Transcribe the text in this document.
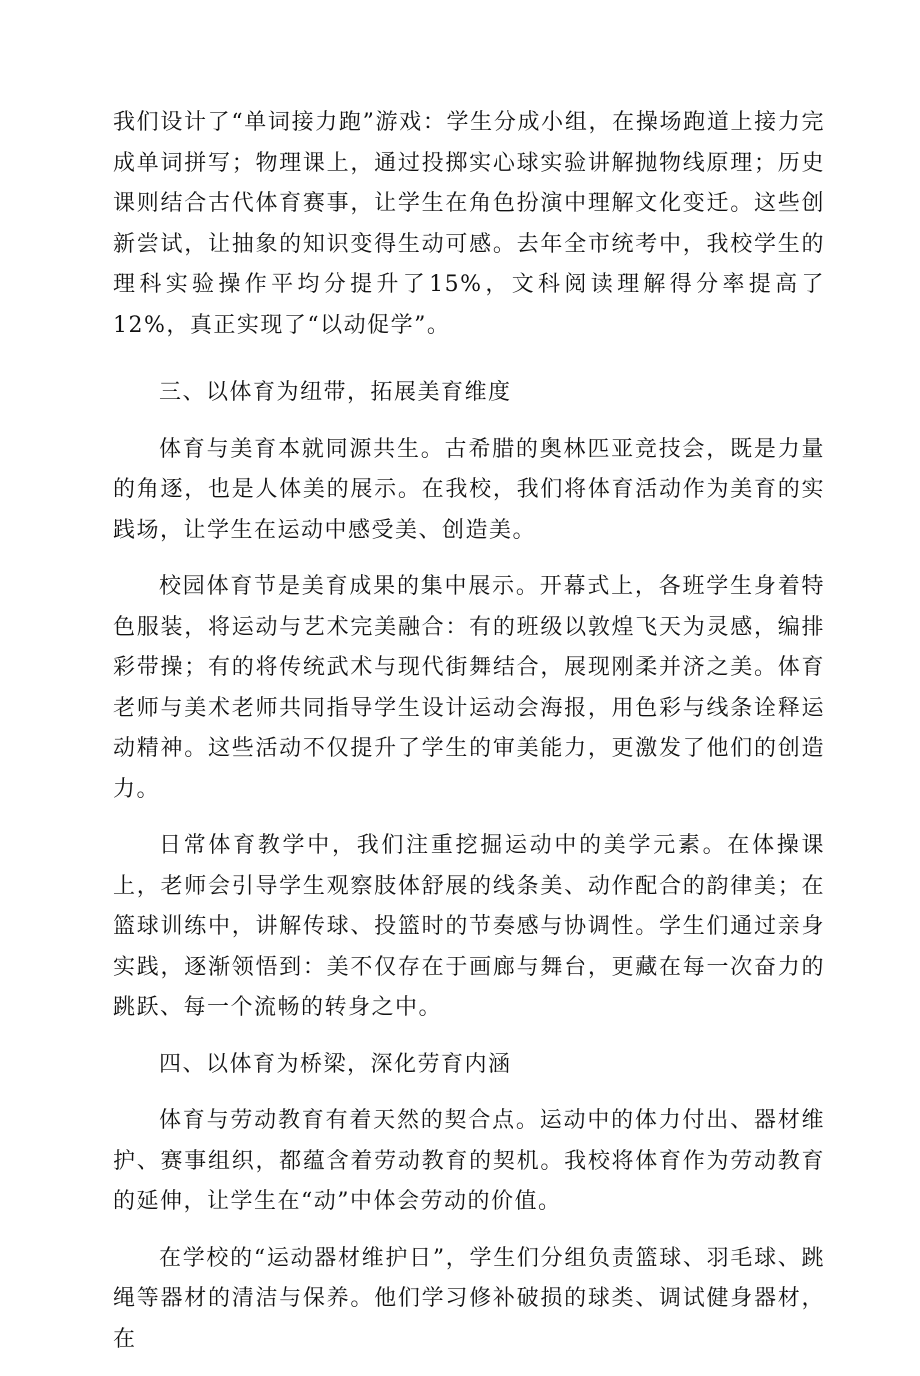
我们设计了“单词接力跑”游戏：学生分成小组，在操场跑道上接力完成单词拼写；物理课上，通过投掷实心球实验讲解抛物线原理；历史课则结合古代体育赛事，让学生在角色扮演中理解文化变迁。这些创新尝试，让抽象的知识变得生动可感。去年全市统考中，我校学生的理科实验操作平均分提升了15%，文科阅读理解得分率提高了12%，真正实现了“以动促学”。

三、以体育为纽带，拓展美育维度

体育与美育本就同源共生。古希腊的奥林匹亚竞技会，既是力量的角逐，也是人体美的展示。在我校，我们将体育活动作为美育的实践场，让学生在运动中感受美、创造美。

校园体育节是美育成果的集中展示。开幕式上，各班学生身着特色服装，将运动与艺术完美融合：有的班级以敦煌飞天为灵感，编排彩带操；有的将传统武术与现代街舞结合，展现刚柔并济之美。体育老师与美术老师共同指导学生设计运动会海报，用色彩与线条诠释运动精神。这些活动不仅提升了学生的审美能力，更激发了他们的创造力。

日常体育教学中，我们注重挖掘运动中的美学元素。在体操课上，老师会引导学生观察肢体舒展的线条美、动作配合的韵律美；在篮球训练中，讲解传球、投篮时的节奏感与协调性。学生们通过亲身实践，逐渐领悟到：美不仅存在于画廊与舞台，更藏在每一次奋力的跳跃、每一个流畅的转身之中。

四、以体育为桥梁，深化劳育内涵

体育与劳动教育有着天然的契合点。运动中的体力付出、器材维护、赛事组织，都蕴含着劳动教育的契机。我校将体育作为劳动教育的延伸，让学生在“动”中体会劳动的价值。

在学校的“运动器材维护日”，学生们分组负责篮球、羽毛球、跳绳等器材的清洁与保养。他们学习修补破损的球类、调试健身器材，在
